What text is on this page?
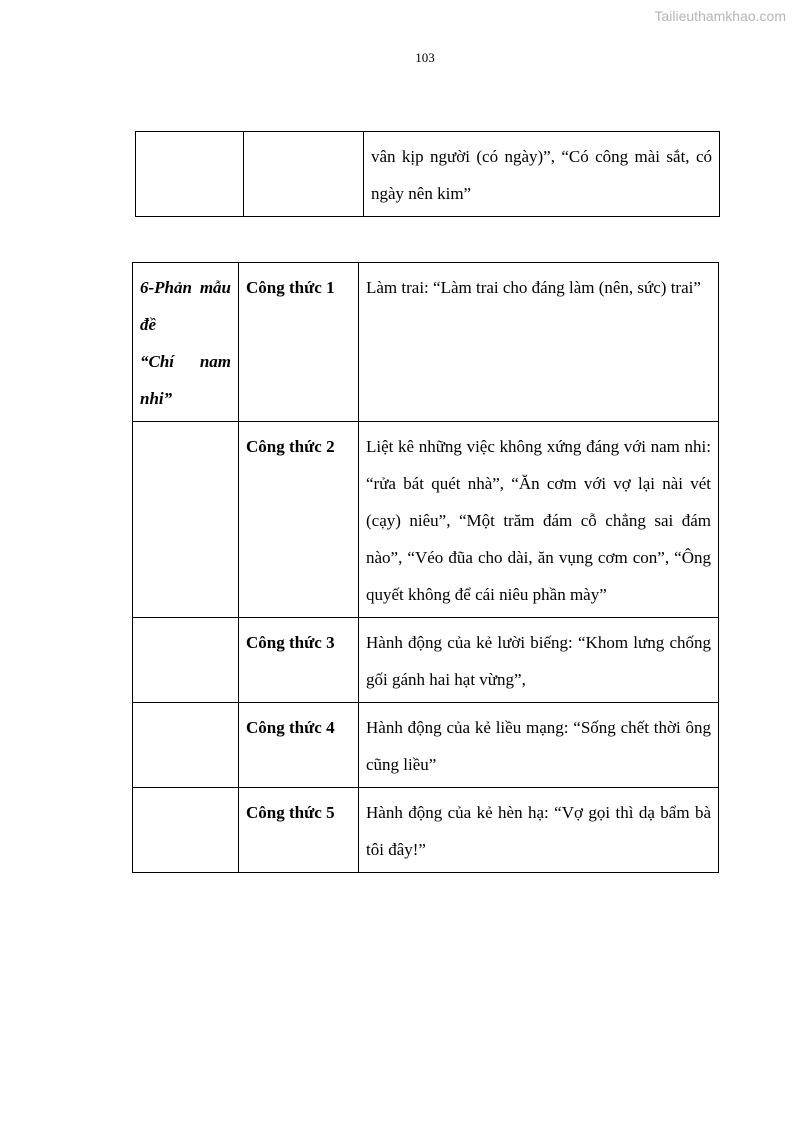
Tailieuthamkhao.com
103
		vân kịp người (có ngày)”, “Có công mài sắt, có ngày nên kim”
6-Phản mẫu đề
“Chí nam nhi”	Công thức 1	Làm trai: “Làm trai cho đáng làm (nên, sức) trai”
	Công thức 2	Liệt kê những việc không xứng đáng với nam nhi: “rửa bát quét nhà”, “Ăn cơm với vợ lại nài vét (cạy) niêu”, “Một trăm đám cỗ chẳng sai đám nào”, “Véo đũa cho dài, ăn vụng cơm con”, “Ông quyết không để cái niêu phần mày”
	Công thức 3	Hành động của kẻ lười biếng: “Khom lưng chống gối gánh hai hạt vừng”,
	Công thức 4	Hành động của kẻ liều mạng: “Sống chết thời ông cũng liều”
	Công thức 5	Hành động của kẻ hèn hạ: “Vợ gọi thì dạ bẩm bà tôi đây!”
